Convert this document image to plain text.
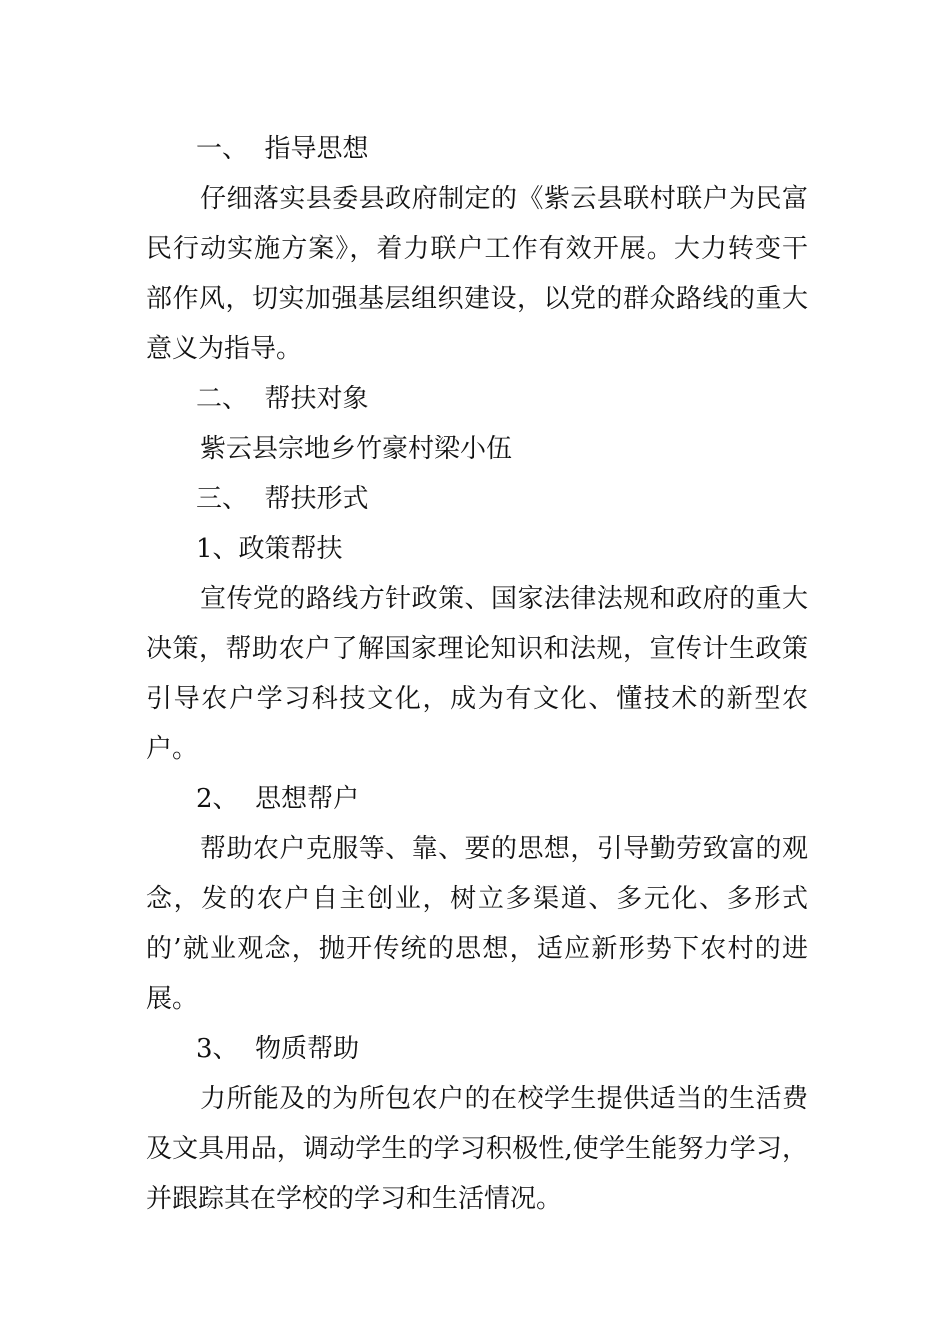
一、  指导思想

仔细落实县委县政府制定的《紫云县联村联户为民富民行动实施方案》，着力联户工作有效开展。大力转变干部作风，切实加强基层组织建设，以党的群众路线的重大意义为指导。

二、  帮扶对象

紫云县宗地乡竹豪村梁小伍

三、  帮扶形式

1、政策帮扶

宣传党的路线方针政策、国家法律法规和政府的重大决策，帮助农户了解国家理论知识和法规，宣传计生政策引导农户学习科技文化，成为有文化、懂技术的新型农户。

2、  思想帮户

帮助农户克服等、靠、要的思想，引导勤劳致富的观念，发的农户自主创业，树立多渠道、多元化、多形式的’就业观念，抛开传统的思想，适应新形势下农村的进展。

3、  物质帮助

力所能及的为所包农户的在校学生提供适当的生活费及文具用品，调动学生的学习积极性,使学生能努力学习，并跟踪其在学校的学习和生活情况。
